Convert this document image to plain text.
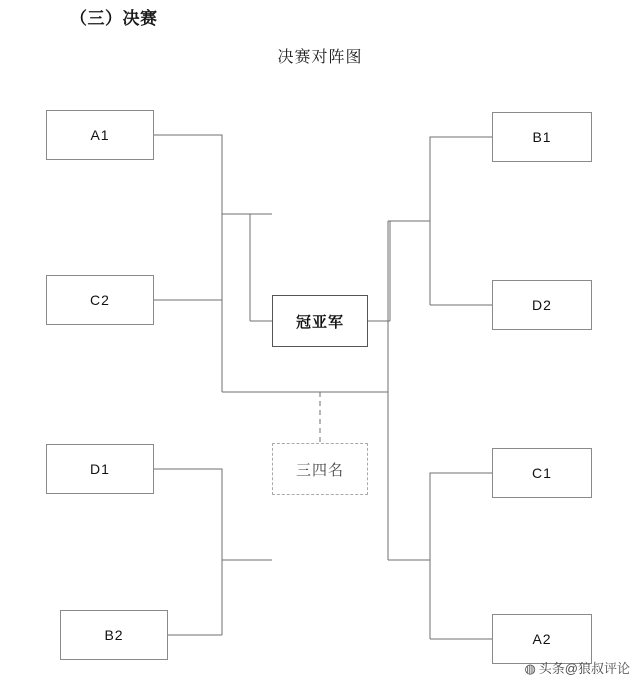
（三）决赛
决赛对阵图
A1
C2
D1
B2
B1
D2
C1
A2
冠亚军
三四名
◍ 头条@狼叔评论
